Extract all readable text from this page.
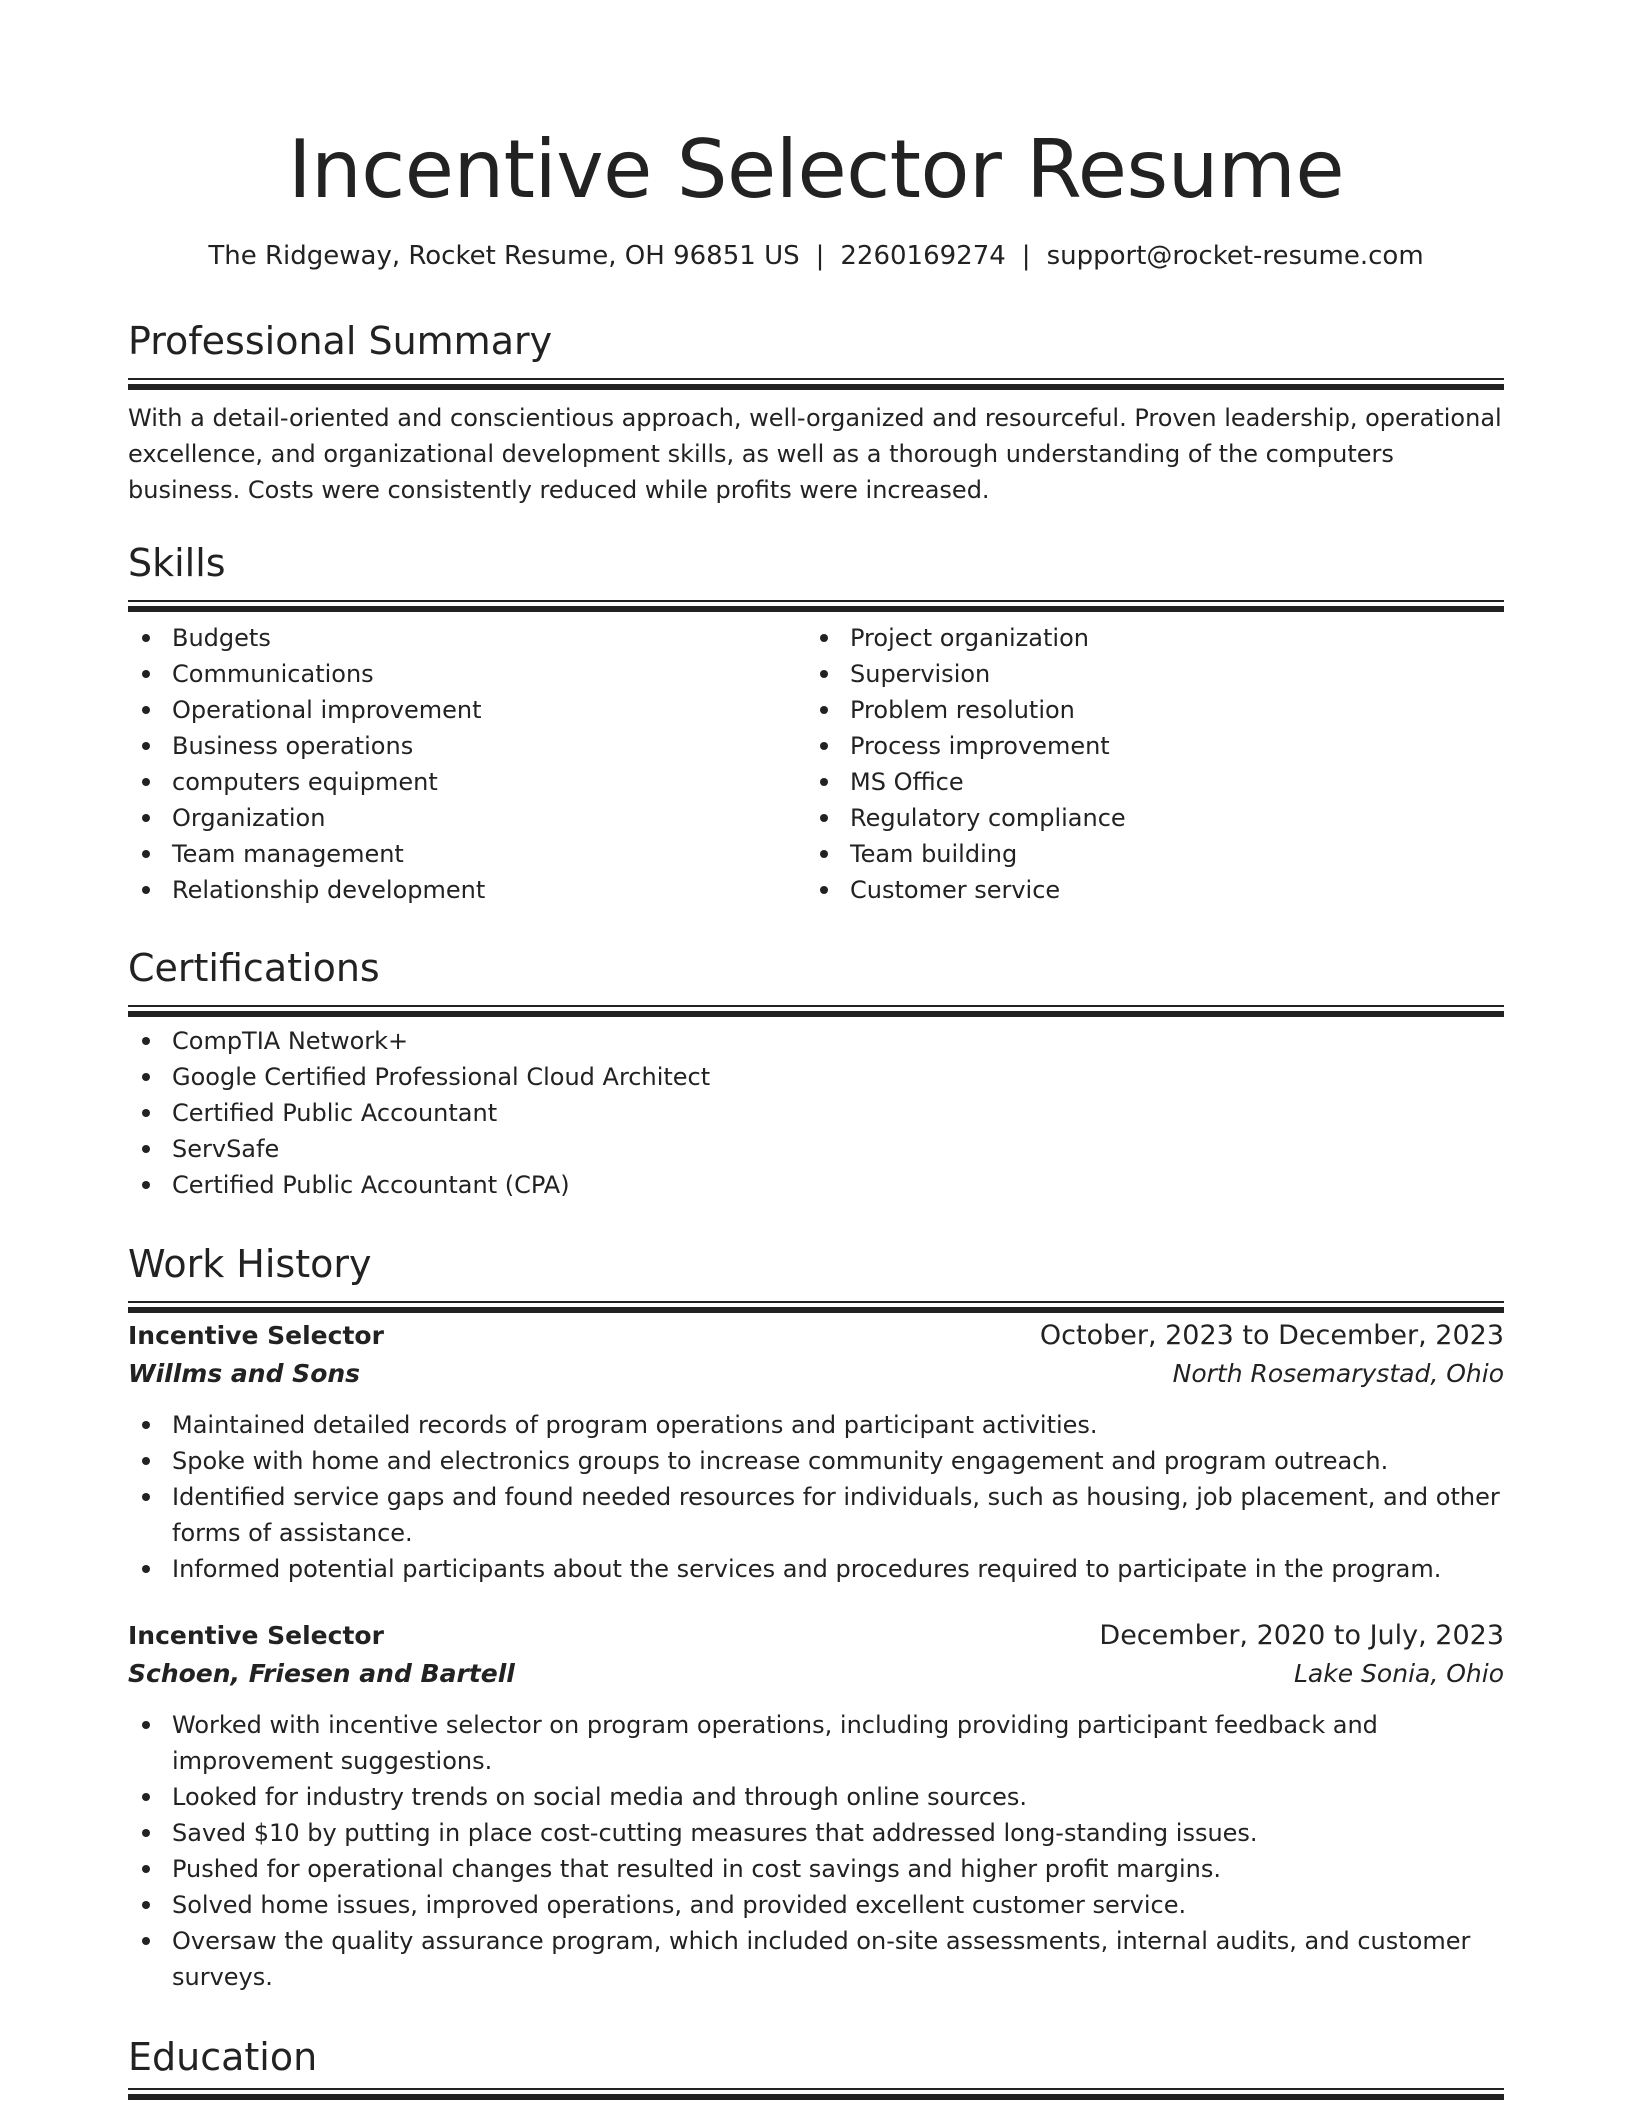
Incentive Selector Resume
The Ridgeway, Rocket Resume, OH 96851 US | 2260169274 | support@rocket-resume.com
Professional Summary

With a detail-oriented and conscientious approach, well-organized and resourceful. Proven leadership, operational excellence, and organizational development skills, as well as a thorough understanding of the computers business. Costs were consistently reduced while profits were increased.

Skills
Budgets
Communications
Operational improvement
Business operations
computers equipment
Organization
Team management
Relationship development
Project organization
Supervision
Problem resolution
Process improvement
MS Office
Regulatory compliance
Team building
Customer service
Certifications
CompTIA Network+
Google Certified Professional Cloud Architect
Certified Public Accountant
ServSafe
Certified Public Accountant (CPA)
Work History
Incentive Selector	October, 2023 to December, 2023
Willms and Sons	North Rosemarystad, Ohio
Maintained detailed records of program operations and participant activities.
Spoke with home and electronics groups to increase community engagement and program outreach.
Identified service gaps and found needed resources for individuals, such as housing, job placement, and other forms of assistance.
Informed potential participants about the services and procedures required to participate in the program.
Incentive Selector	December, 2020 to July, 2023
Schoen, Friesen and Bartell	Lake Sonia, Ohio
Worked with incentive selector on program operations, including providing participant feedback and improvement suggestions.
Looked for industry trends on social media and through online sources.
Saved $10 by putting in place cost-cutting measures that addressed long-standing issues.
Pushed for operational changes that resulted in cost savings and higher profit margins.
Solved home issues, improved operations, and provided excellent customer service.
Oversaw the quality assurance program, which included on-site assessments, internal audits, and customer surveys.
Education
